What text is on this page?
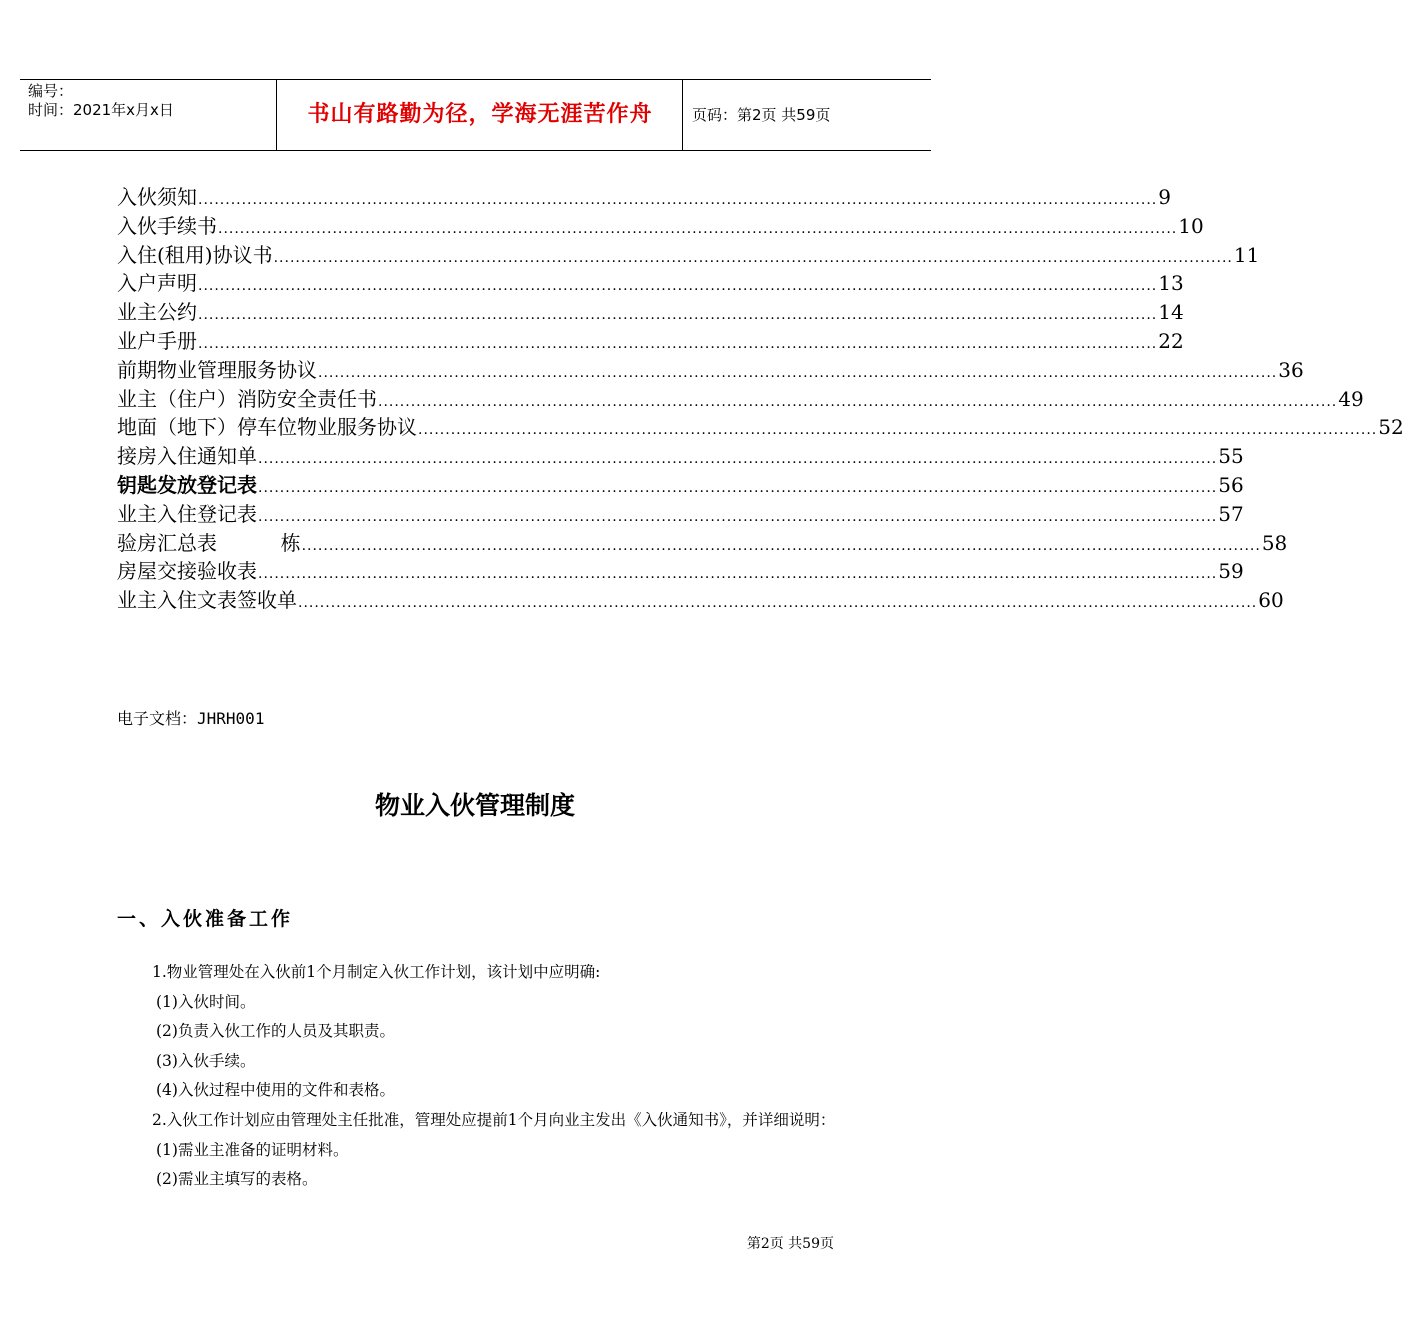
编号：
时间：2021年x月x日	书山有路勤为径，学海无涯苦作舟	页码：第2页 共59页
入伙须知 ................................................................................................................................................................................ 9
入伙手续书 ................................................................................................................................................................................ 10
入住(租用)协议书 ................................................................................................................................................................................ 11
入户声明 ................................................................................................................................................................................ 13
业主公约 ................................................................................................................................................................................ 14
业户手册 ................................................................................................................................................................................ 22
前期物业管理服务协议 ................................................................................................................................................................................ 36
业主（住户）消防安全责任书 ................................................................................................................................................................................ 49
地面（地下）停车位物业服务协议 ................................................................................................................................................................................ 52
接房入住通知单 ................................................................................................................................................................................ 55
钥匙发放登记表 ................................................................................................................................................................................ 56
业主入住登记表 ................................................................................................................................................................................ 57
验房汇总表          栋 ................................................................................................................................................................................ 58
房屋交接验收表 ................................................................................................................................................................................ 59
业主入住文表签收单 ................................................................................................................................................................................ 60
电子文档：JHRH001
物业入伙管理制度
一、入伙准备工作

1.物业管理处在入伙前1个月制定入伙工作计划，该计划中应明确:

(1)入伙时间。

(2)负责入伙工作的人员及其职责。

(3)入伙手续。

(4)入伙过程中使用的文件和表格。

2.入伙工作计划应由管理处主任批准，管理处应提前1个月向业主发出《入伙通知书》，并详细说明：

(1)需业主准备的证明材料。

(2)需业主填写的表格。

第2页 共59页
